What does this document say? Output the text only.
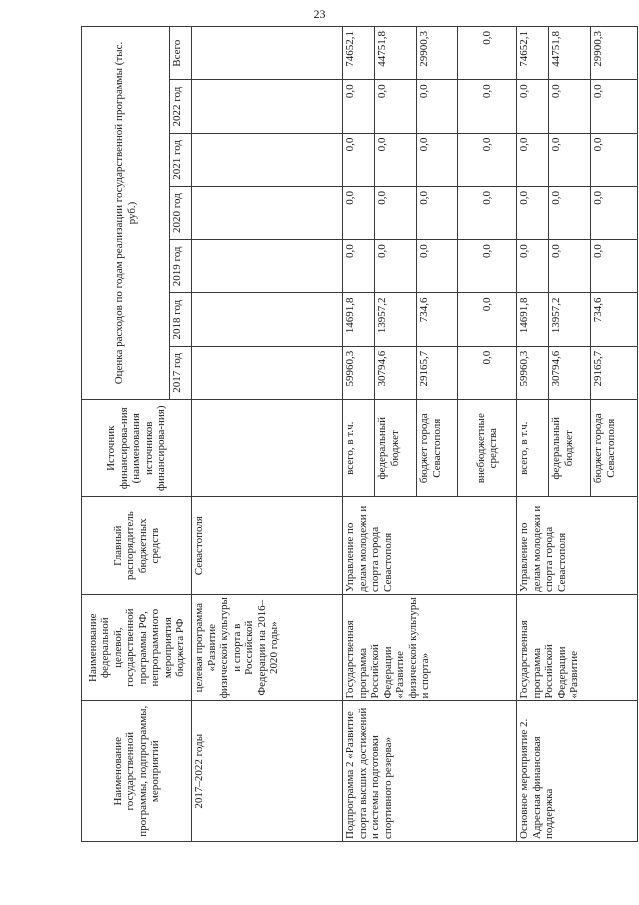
23
Наименование государственной программы, подпрограммы, мероприятий	Наименование федеральной целевой, государственной программы РФ, непрограммного мероприятия бюджета РФ	Главный распорядитель бюджетных средств	Источник финансирова-ния (наименования источников финансирова-ния)	Оценка расходов по годам реализации государственной программы (тыс. руб.)						
				2017 год	2018 год	2019 год	2020 год	2021 год	2022 год	Всего
2017–2022 годы	целевая программа «Развитие физической культуры и спорта в Российской Федерации на 2016–2020 годы»	Севастополя								
Подпрограмма 2 «Развитие спорта высших достижений и системы подготовки спортивного резерва»	Государственная программа Российской Федерации «Развитие физической культуры и спорта»	Управление по делам молодежи и спорта города Севастополя	всего, в т.ч.	59960,3	14691,8	0,0	0,0	0,0	0,0	74652,1
			федеральный бюджет	30794,6	13957,2	0,0	0,0	0,0	0,0	44751,8
			бюджет города Севастополя	29165,7	734,6	0,0	0,0	0,0	0,0	29900,3
			внебюджетные средства	0,0	0,0	0,0	0,0	0,0	0,0	0,0
Основное мероприятие 2. Адресная финансовая поддержка	Государственная программа Российской Федерации «Развитие	Управление по делам молодежи и спорта города Севастополя	всего, в т.ч.	59960,3	14691,8	0,0	0,0	0,0	0,0	74652,1
			федеральный бюджет	30794,6	13957,2	0,0	0,0	0,0	0,0	44751,8
			бюджет города Севастополя	29165,7	734,6	0,0	0,0	0,0	0,0	29900,3
